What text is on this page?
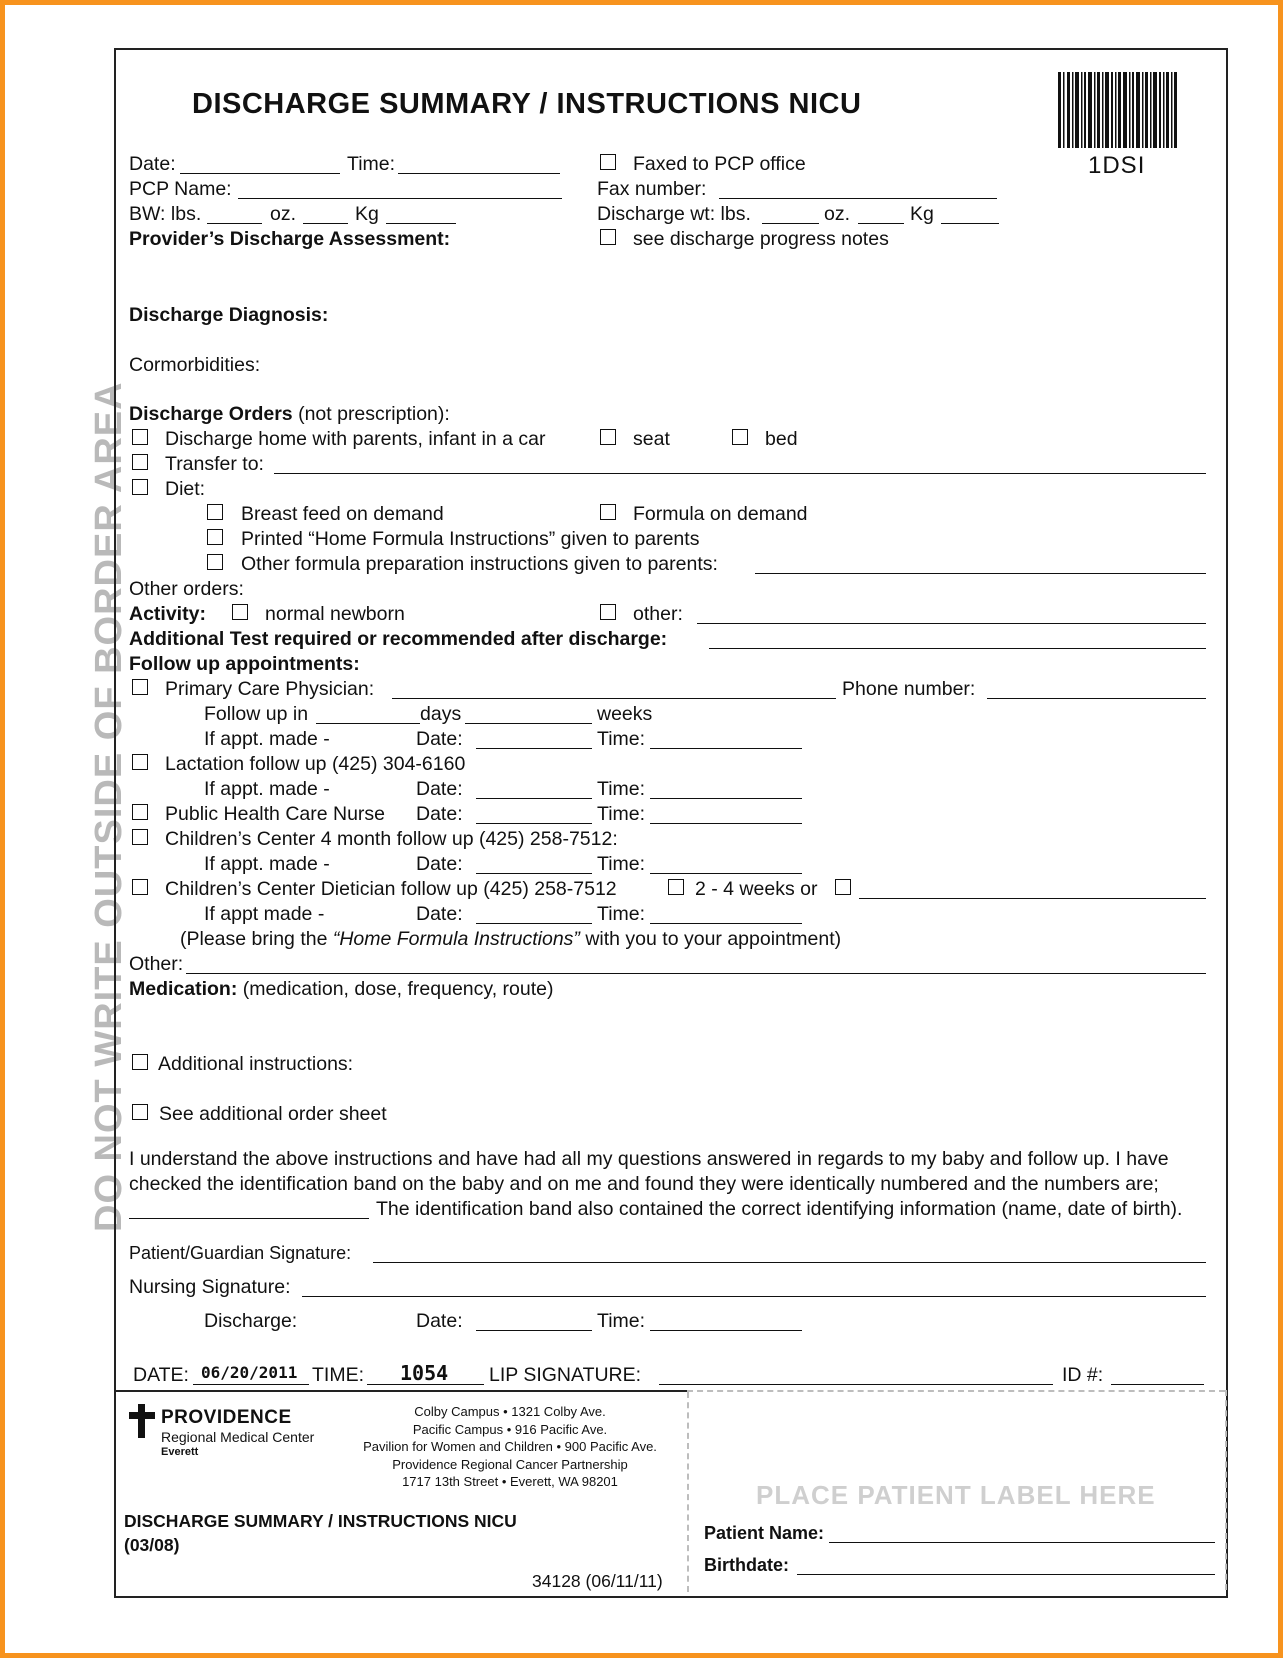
DO NOT WRITE OUTSIDE OF BORDER AREA
DISCHARGE SUMMARY / INSTRUCTIONS NICU
1DSI
Date:	Time:
PCP Name:
BW: lbs.	oz.	Kg
Provider’s Discharge Assessment:
Faxed to PCP office
Fax number:
Discharge wt: lbs.	oz.	Kg
see discharge progress notes
Discharge Diagnosis:
Cormorbidities:
Discharge Orders (not prescription):
Discharge home with parents, infant in a car	seat	bed
Transfer to:
Diet:
Breast feed on demand	Formula on demand
Printed “Home Formula Instructions” given to parents
Other formula preparation instructions given to parents:
Other orders:
Activity:	normal newborn	other:
Additional Test required or recommended after discharge:
Follow up appointments:
Primary Care Physician:	Phone number:
Follow up in	days	weeks
If appt. made -	Date:	Time:
Lactation follow up (425) 304-6160
If appt. made -	Date:	Time:
Public Health Care Nurse Date:	Time:
Children’s Center 4 month follow up (425) 258-7512:
If appt. made -	Date:	Time:
Children’s Center Dietician follow up (425) 258-7512	2 - 4 weeks or
If appt made -	Date:	Time:
(Please bring the “Home Formula Instructions” with you to your appointment)
Other:
Medication: (medication, dose, frequency, route)
Additional instructions:
See additional order sheet
I understand the above instructions and have had all my questions answered in regards to my baby and follow up. I have
checked the identification band on the baby and on me and found they were identically numbered and the numbers are;
The identification band also contained the correct identifying information (name, date of birth).
Patient/Guardian Signature:
Nursing Signature:
Discharge:	Date:	Time:
DATE: 06/20/2011 TIME: 1054 LIP SIGNATURE:	ID #:
PROVIDENCE
Regional Medical Center
Everett
Colby Campus • 1321 Colby Ave.
Pacific Campus • 916 Pacific Ave.
Pavilion for Women and Children • 900 Pacific Ave.
Providence Regional Cancer Partnership
1717 13th Street • Everett, WA 98201
DISCHARGE SUMMARY / INSTRUCTIONS NICU
(03/08)
34128 (06/11/11)
PLACE PATIENT LABEL HERE
Patient Name:
Birthdate:
